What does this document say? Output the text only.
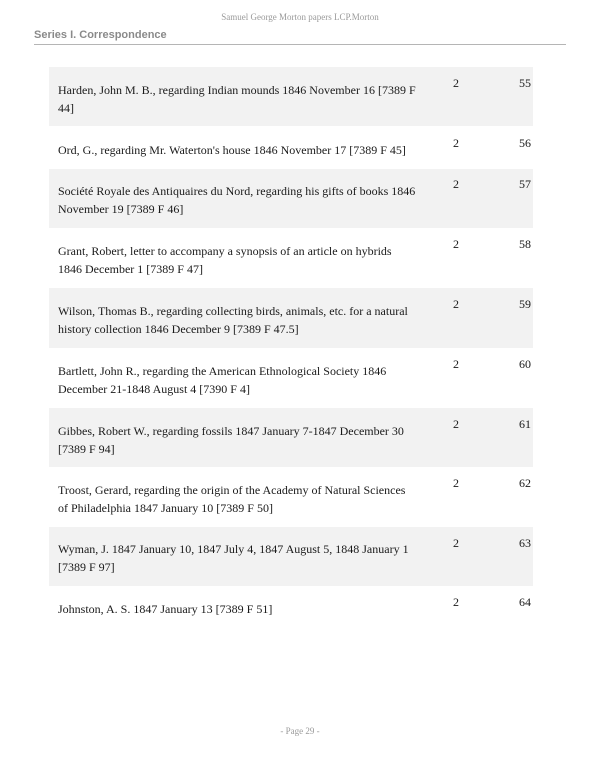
Samuel George Morton papers LCP.Morton
Series I. Correspondence
Harden, John M. B., regarding Indian mounds 1846 November 16 [7389 F 44]
2	55
Ord, G., regarding Mr. Waterton's house 1846 November 17 [7389 F 45]	2	56
Société Royale des Antiquaires du Nord, regarding his gifts of books 1846 November 19 [7389 F 46]
2	57
Grant, Robert, letter to accompany a synopsis of an article on hybrids 1846 December 1 [7389 F 47]
2	58
Wilson, Thomas B., regarding collecting birds, animals, etc. for a natural history collection 1846 December 9 [7389 F 47.5]
2	59
Bartlett, John R., regarding the American Ethnological Society 1846 December 21-1848 August 4 [7390 F 4]
2	60
Gibbes, Robert W., regarding fossils 1847 January 7-1847 December 30 [7389 F 94]
2	61
Troost, Gerard, regarding the origin of the Academy of Natural Sciences of Philadelphia 1847 January 10 [7389 F 50]
2	62
Wyman, J. 1847 January 10, 1847 July 4, 1847 August 5, 1848 January 1 [7389 F 97]
2	63
Johnston, A. S. 1847 January 13 [7389 F 51]	2	64
- Page 29 -
